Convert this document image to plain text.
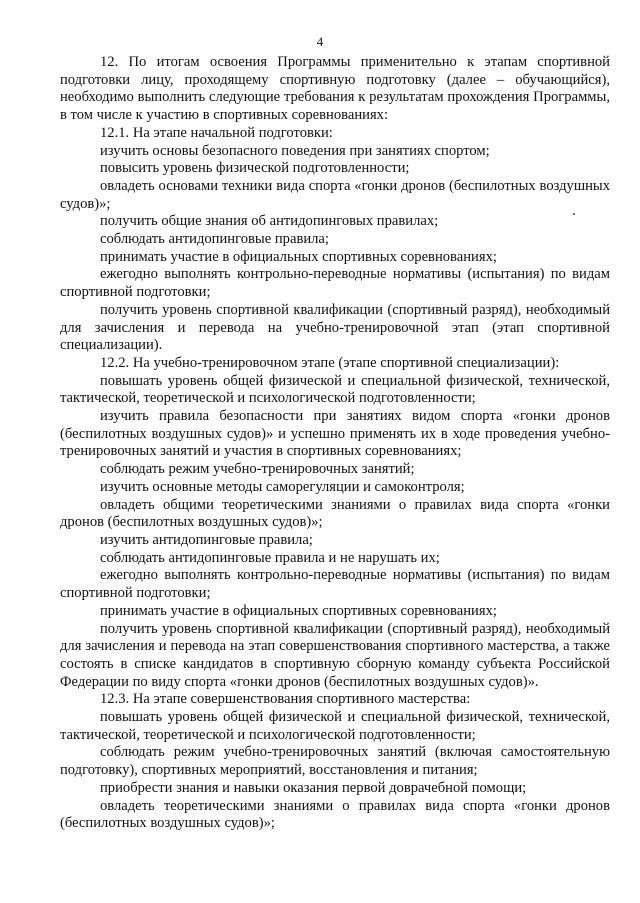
4

12. По итогам освоения Программы применительно к этапам спортивной подготовки лицу, проходящему спортивную подготовку (далее – обучающийся), необходимо выполнить следующие требования к результатам прохождения Программы, в том числе к участию в спортивных соревнованиях:

12.1. На этапе начальной подготовки:

изучить основы безопасного поведения при занятиях спортом;

повысить уровень физической подготовленности;

овладеть основами техники вида спорта «гонки дронов (беспилотных воздушных судов)»;

получить общие знания об антидопинговых правилах;

соблюдать антидопинговые правила;

принимать участие в официальных спортивных соревнованиях;

ежегодно выполнять контрольно-переводные нормативы (испытания) по видам спортивной подготовки;

получить уровень спортивной квалификации (спортивный разряд), необходимый для зачисления и перевода на учебно-тренировочной этап (этап спортивной специализации).

12.2. На учебно-тренировочном этапе (этапе спортивной специализации):

повышать уровень общей физической и специальной физической, технической, тактической, теоретической и психологической подготовленности;

изучить правила безопасности при занятиях видом спорта «гонки дронов (беспилотных воздушных судов)» и успешно применять их в ходе проведения учебно-тренировочных занятий и участия в спортивных соревнованиях;

соблюдать режим учебно-тренировочных занятий;

изучить основные методы саморегуляции и самоконтроля;

овладеть общими теоретическими знаниями о правилах вида спорта «гонки дронов (беспилотных воздушных судов)»;

изучить антидопинговые правила;

соблюдать антидопинговые правила и не нарушать их;

ежегодно выполнять контрольно-переводные нормативы (испытания) по видам спортивной подготовки;

принимать участие в официальных спортивных соревнованиях;

получить уровень спортивной квалификации (спортивный разряд), необходимый для зачисления и перевода на этап совершенствования спортивного мастерства, а также состоять в списке кандидатов в спортивную сборную команду субъекта Российской Федерации по виду спорта «гонки дронов (беспилотных воздушных судов)».

12.3. На этапе совершенствования спортивного мастерства:

повышать уровень общей физической и специальной физической, технической, тактической, теоретической и психологической подготовленности;

соблюдать режим учебно-тренировочных занятий (включая самостоятельную подготовку), спортивных мероприятий, восстановления и питания;

приобрести знания и навыки оказания первой доврачебной помощи;

овладеть теоретическими знаниями о правилах вида спорта «гонки дронов (беспилотных воздушных судов)»;
